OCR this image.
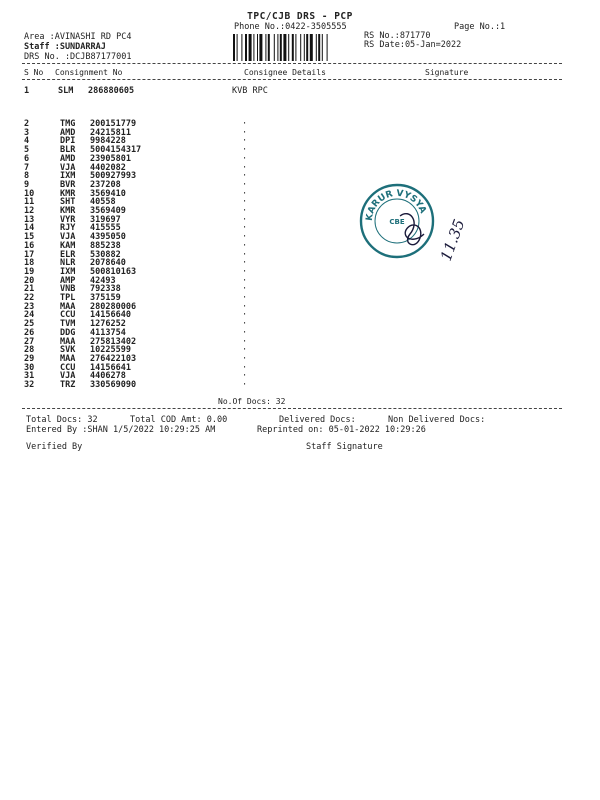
TPC/CJB DRS - PCP
Phone No.:0422-3505555	Page No.:1
Area :AVINASHI RD PC4
Staff :SUNDARRAJ
DRS No. :DCJB87177001
RS No.:871770
RS Date:05-Jan=2022
S No Consignment No	Consignee Details	Signature
1	SLM 286880605	KVB RPC
2	TMG	200151779	·
3	AMD	24215811	·
4	DPI	9984228	·
5	BLR	5004154317	·
6	AMD	23905801	·
7	VJA	4402082	·
8	IXM	500927993	·
9	BVR	237208	·
10	KMR	3569410	·
11	SHT	40558	·
12	KMR	3569409	·
13	VYR	319697	·
14	RJY	415555	·
15	VJA	4395050	·
16	KAM	885238	·
17	ELR	530882	·
18	NLR	2078640	·
19	IXM	500810163	·
20	AMP	42493	·
21	VNB	792338	·
22	TPL	375159	·
23	MAA	280280006	·
24	CCU	14156640	·
25	TVM	1276252	·
26	DDG	4113754	·
27	MAA	275813402	·
28	SVK	10225599	·
29	MAA	276422103	·
30	CCU	14156641	·
31	VJA	4406278	·
32	TRZ	330569090	·
No.Of Docs: 32
Total Docs: 32	Total COD Amt: 0.00	Delivered Docs:	Non Delivered Docs:
Entered By :SHAN 1/5/2022 10:29:25 AM	Reprinted on: 05-01-2022 10:29:26
Verified By	Staff Signature
KARUR VYSYA
CBE 11.35
